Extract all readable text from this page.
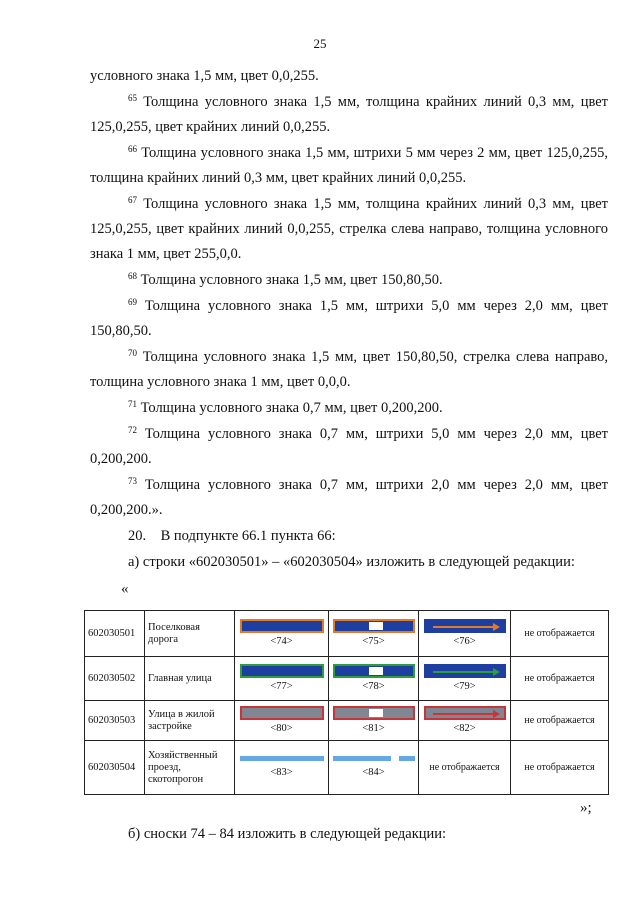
25

условного знака 1,5 мм, цвет 0,0,255.

$^{65}$ Толщина условного знака 1,5 мм, толщина крайних линий 0,3 мм, цвет 125,0,255, цвет крайних линий 0,0,255.

$^{66}$ Толщина условного знака 1,5 мм, штрихи 5 мм через 2 мм, цвет 125,0,255, толщина крайних линий 0,3 мм, цвет крайних линий 0,0,255.

$^{67}$ Толщина условного знака 1,5 мм, толщина крайних линий 0,3 мм, цвет 125,0,255, цвет крайних линий 0,0,255, стрелка слева направо, толщина условного знака 1 мм, цвет 255,0,0.

$^{68}$ Толщина условного знака 1,5 мм, цвет 150,80,50.

$^{69}$ Толщина условного знака 1,5 мм, штрихи 5,0 мм через 2,0 мм, цвет 150,80,50.

$^{70}$ Толщина условного знака 1,5 мм, цвет 150,80,50, стрелка слева направо, толщина условного знака 1 мм, цвет 0,0,0.

$^{71}$ Толщина условного знака 0,7 мм, цвет 0,200,200.

$^{72}$ Толщина условного знака 0,7 мм, штрихи 5,0 мм через 2,0 мм, цвет 0,200,200.

$^{73}$ Толщина условного знака 0,7 мм, штрихи 2,0 мм через 2,0 мм, цвет 0,200,200.».

20.    В подпункте 66.1 пункта 66:

а) строки «602030501» – «602030504» изложить в следующей редакции:

«
602030501	Поселковая дорога	<74>	<75>	<76>	не отображается
602030502	Главная улица	<77>	<78>	<79>	не отображается
602030503	Улица в жилой застройке	<80>	<81>	<82>	не отображается
602030504	Хозяйственный проезд, скотопрогон	<83>	<84>	не отображается	не отображается
»;
б) сноски 74 – 84 изложить в следующей редакции:
